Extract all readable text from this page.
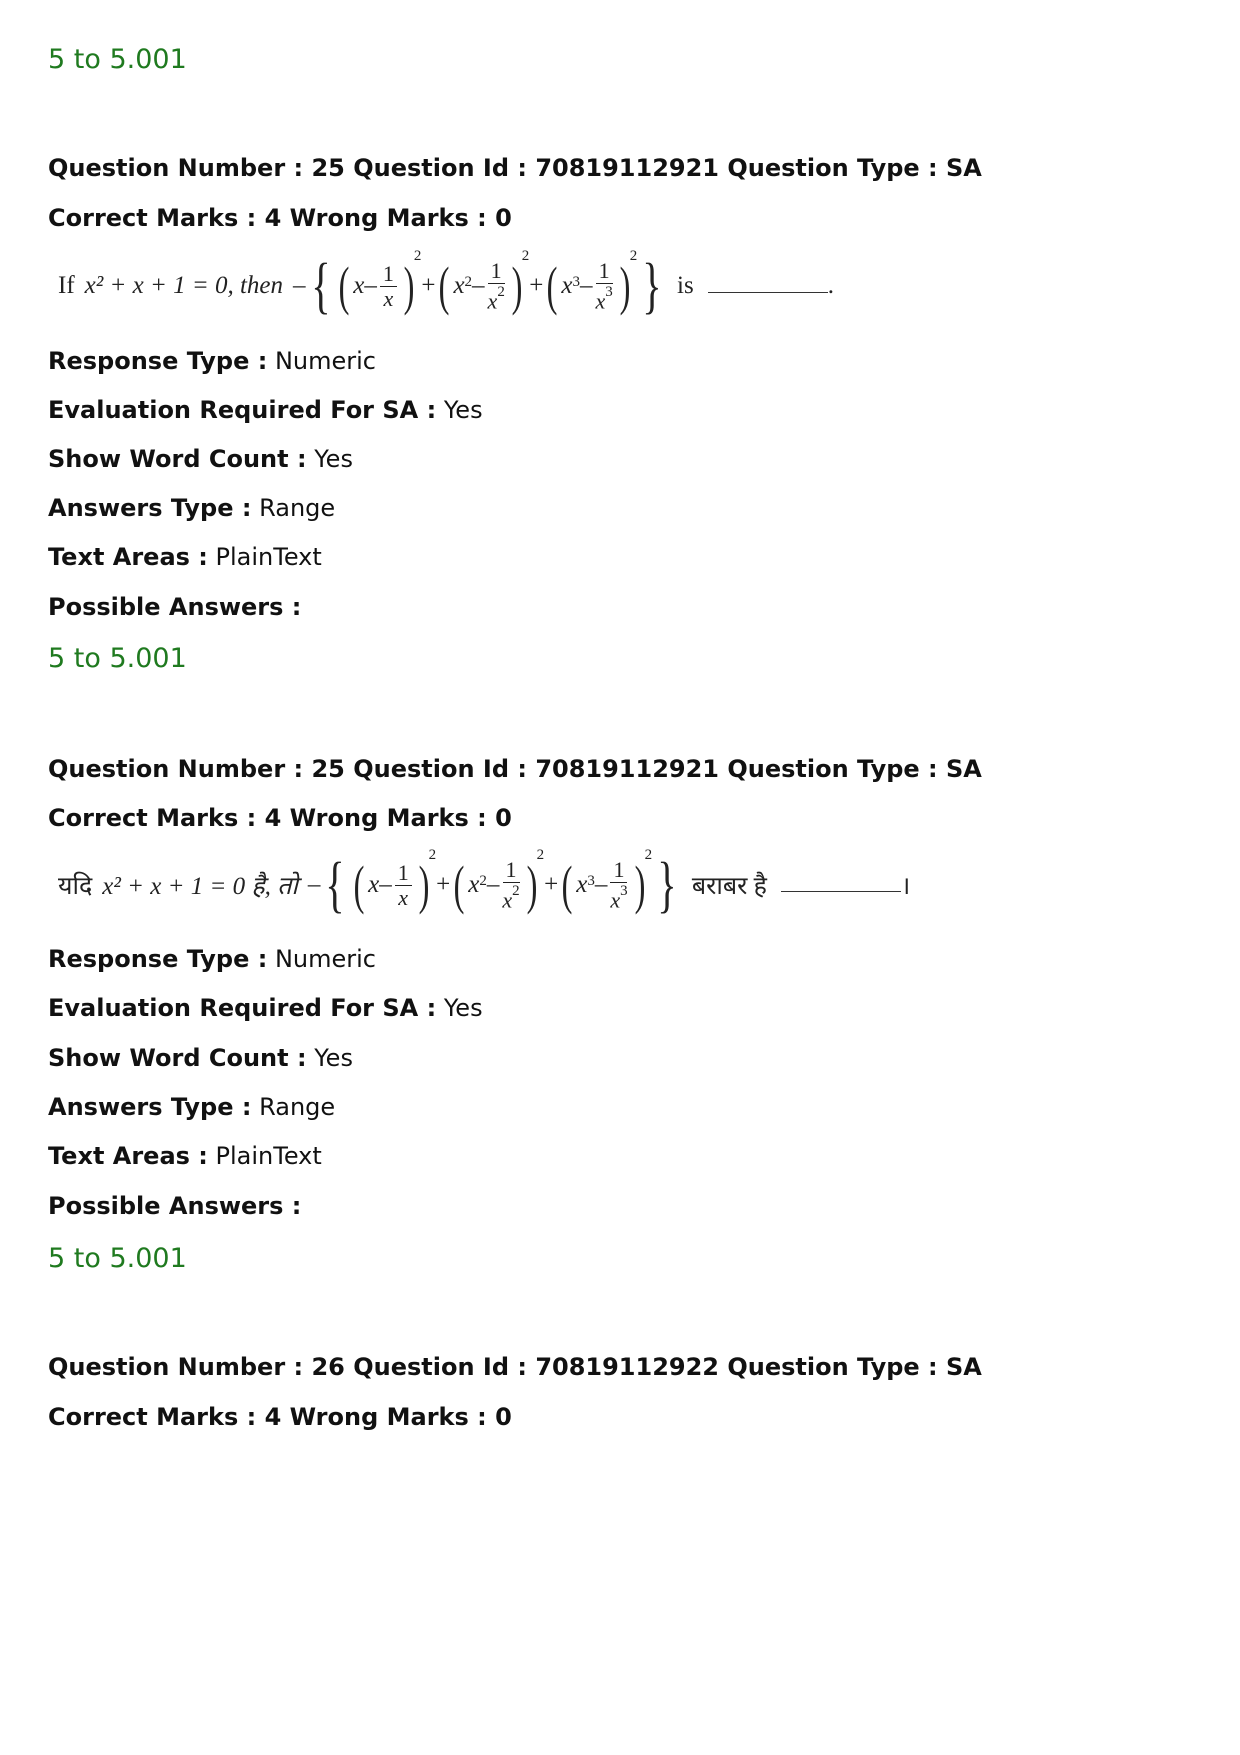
5 to 5.001
Question Number : 25 Question Id : 70819112921 Question Type : SA
Correct Marks : 4 Wrong Marks : 0
If x² + x + 1 = 0, then – { ( x – $\frac{1}{x}$ ) 2
+ ( $x^2 - \frac{1}{x^2}$ ) 2
+ ( $x^3 - \frac{1}{x^3}$ ) 2 } is	.
Response Type : Numeric
Evaluation Required For SA : Yes
Show Word Count : Yes
Answers Type : Range
Text Areas : PlainText
Possible Answers :
5 to 5.001
Question Number : 25 Question Id : 70819112921 Question Type : SA
Correct Marks : 4 Wrong Marks : 0
यदि x² + x + 1 = 0 है, तो – { ( x – $\frac{1}{x}$ ) 2
+ ( $x^2 - \frac{1}{x^2}$ ) 2
+ ( $x^3 - \frac{1}{x^3}$ ) 2 } बराबर है	।
Response Type : Numeric
Evaluation Required For SA : Yes
Show Word Count : Yes
Answers Type : Range
Text Areas : PlainText
Possible Answers :
5 to 5.001
Question Number : 26 Question Id : 70819112922 Question Type : SA
Correct Marks : 4 Wrong Marks : 0
